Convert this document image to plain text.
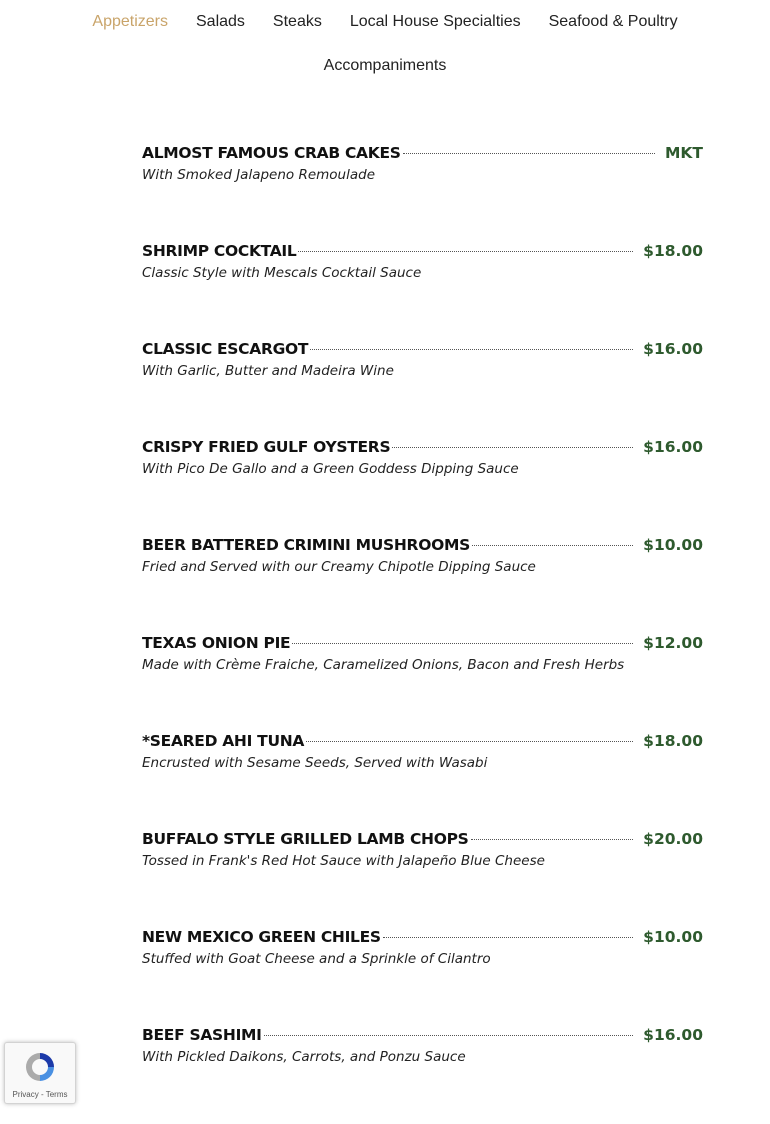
Appetizers Salads Steaks Local House Specialties Seafood & Poultry
Accompaniments
ALMOST FAMOUS CRAB CAKES	MKT
With Smoked Jalapeno Remoulade
SHRIMP COCKTAIL	$18.00
Classic Style with Mescals Cocktail Sauce
CLASSIC ESCARGOT	$16.00
With Garlic, Butter and Madeira Wine
CRISPY FRIED GULF OYSTERS	$16.00
With Pico De Gallo and a Green Goddess Dipping Sauce
BEER BATTERED CRIMINI MUSHROOMS	$10.00
Fried and Served with our Creamy Chipotle Dipping Sauce
TEXAS ONION PIE	$12.00
Made with Crème Fraiche, Caramelized Onions, Bacon and Fresh Herbs
*SEARED AHI TUNA	$18.00
Encrusted with Sesame Seeds, Served with Wasabi
BUFFALO STYLE GRILLED LAMB CHOPS	$20.00
Tossed in Frank's Red Hot Sauce with Jalapeño Blue Cheese
NEW MEXICO GREEN CHILES	$10.00
Stuffed with Goat Cheese and a Sprinkle of Cilantro
BEEF SASHIMI	$16.00
With Pickled Daikons, Carrots, and Ponzu Sauce
Privacy - Terms
